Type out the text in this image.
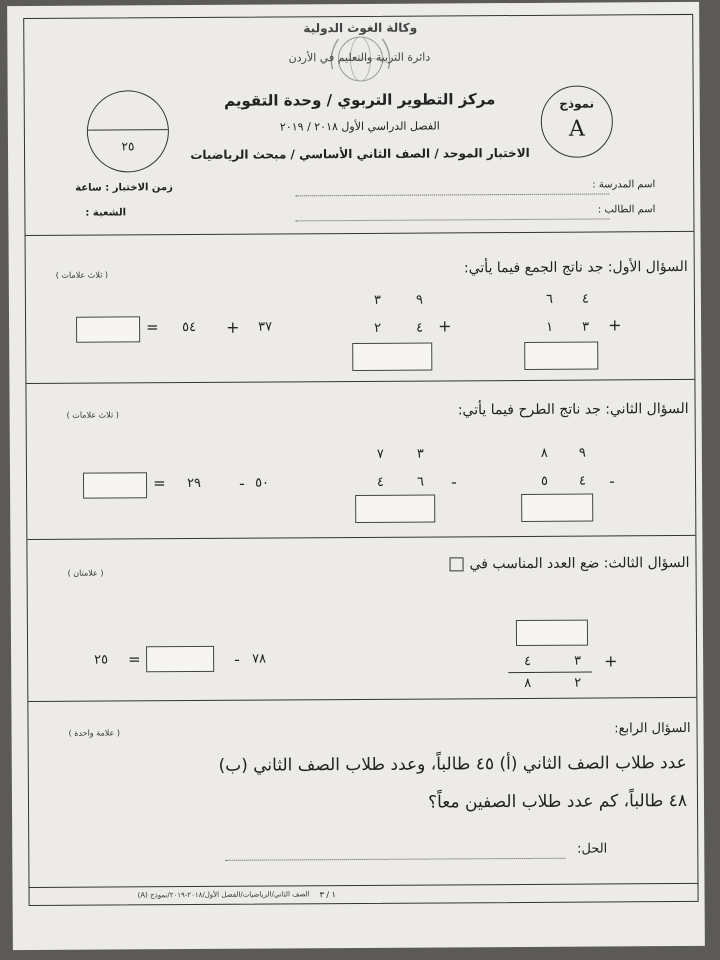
وكالة الغوث الدولية
دائرة التربية والتعليم في الأردن
مركز التطوير التربوي / وحدة التقويم
الفصل الدراسي الأول ٢٠١٨ / ٢٠١٩
الاختبار الموحد / الصف الثاني الأساسي / مبحث الرياضيات
٢٥
نموذج
A
اسم المدرسة :
زمن الاختبار : ساعة
اسم الطالب :
الشعبة :
السؤال الأول: جد ناتج الجمع فيما يأتي:
( ثلاث علامات )
٤
٦
+
٣
١
٩
٣
+
٤
٢
٣٧
+
٥٤
=
السؤال الثاني: جد ناتج الطرح فيما يأتي:
( ثلاث علامات )
٩
٨
-
٤
٥
٣
٧
-
٦
٤
٥٠
-
٢٩
=
السؤال الثالث: ضع العدد المناسب في
( علامتان )
+
٣
٤
٢
٨
٧٨
-
=
٢٥
السؤال الرابع:
( علامة واحدة )
عدد طلاب الصف الثاني (أ) ٤٥ طالباً، وعدد طلاب الصف الثاني (ب)
٤٨ طالباً، كم عدد طلاب الصفين معاً؟
الحل:
١ / ٣
الصف الثاني/الرياضيات/الفصل الأول/٢٠١٨-٢٠١٩/نموذج (A)
